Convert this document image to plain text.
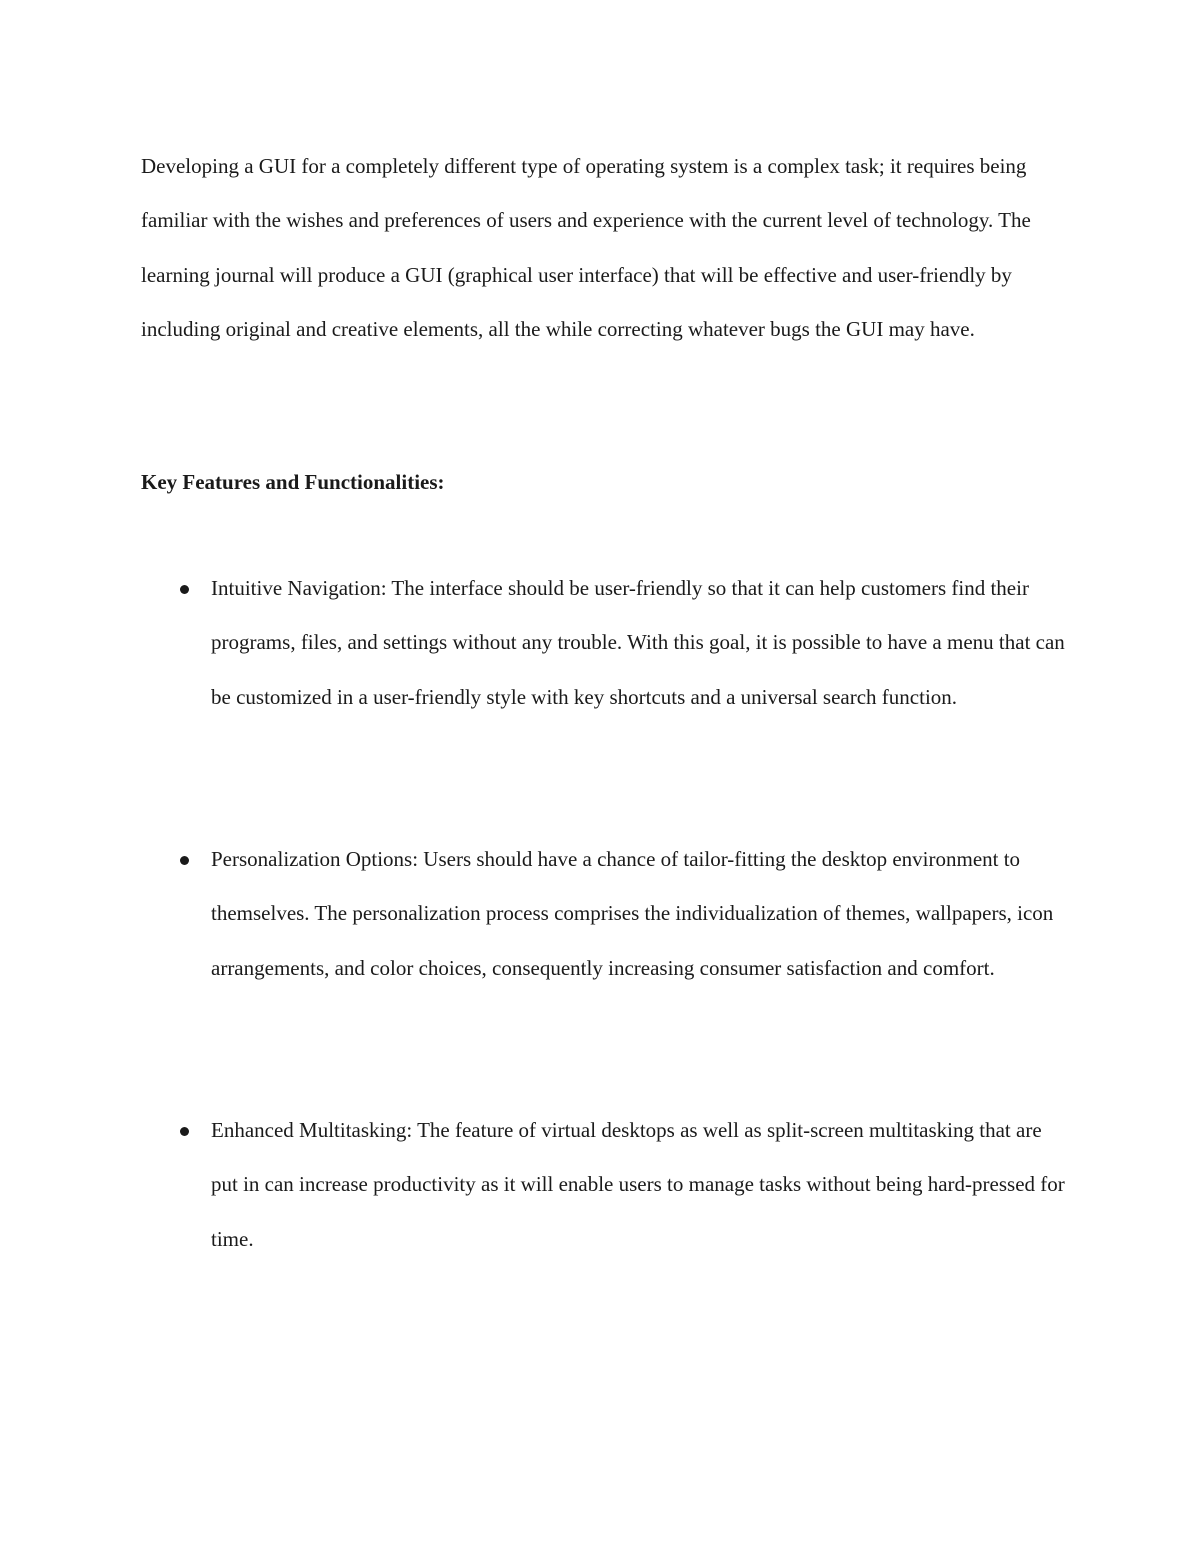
Developing a GUI for a completely different type of operating system is a complex task; it requires being familiar with the wishes and preferences of users and experience with the current level of technology. The learning journal will produce a GUI (graphical user interface) that will be effective and user-friendly by including original and creative elements, all the while correcting whatever bugs the GUI may have.

Key Features and Functionalities:

Intuitive Navigation: The interface should be user-friendly so that it can help customers find their programs, files, and settings without any trouble. With this goal, it is possible to have a menu that can be customized in a user-friendly style with key shortcuts and a universal search function.

Personalization Options: Users should have a chance of tailor-fitting the desktop environment to themselves. The personalization process comprises the individualization of themes, wallpapers, icon arrangements, and color choices, consequently increasing consumer satisfaction and comfort.

Enhanced Multitasking: The feature of virtual desktops as well as split-screen multitasking that are put in can increase productivity as it will enable users to manage tasks without being hard-pressed for time.
